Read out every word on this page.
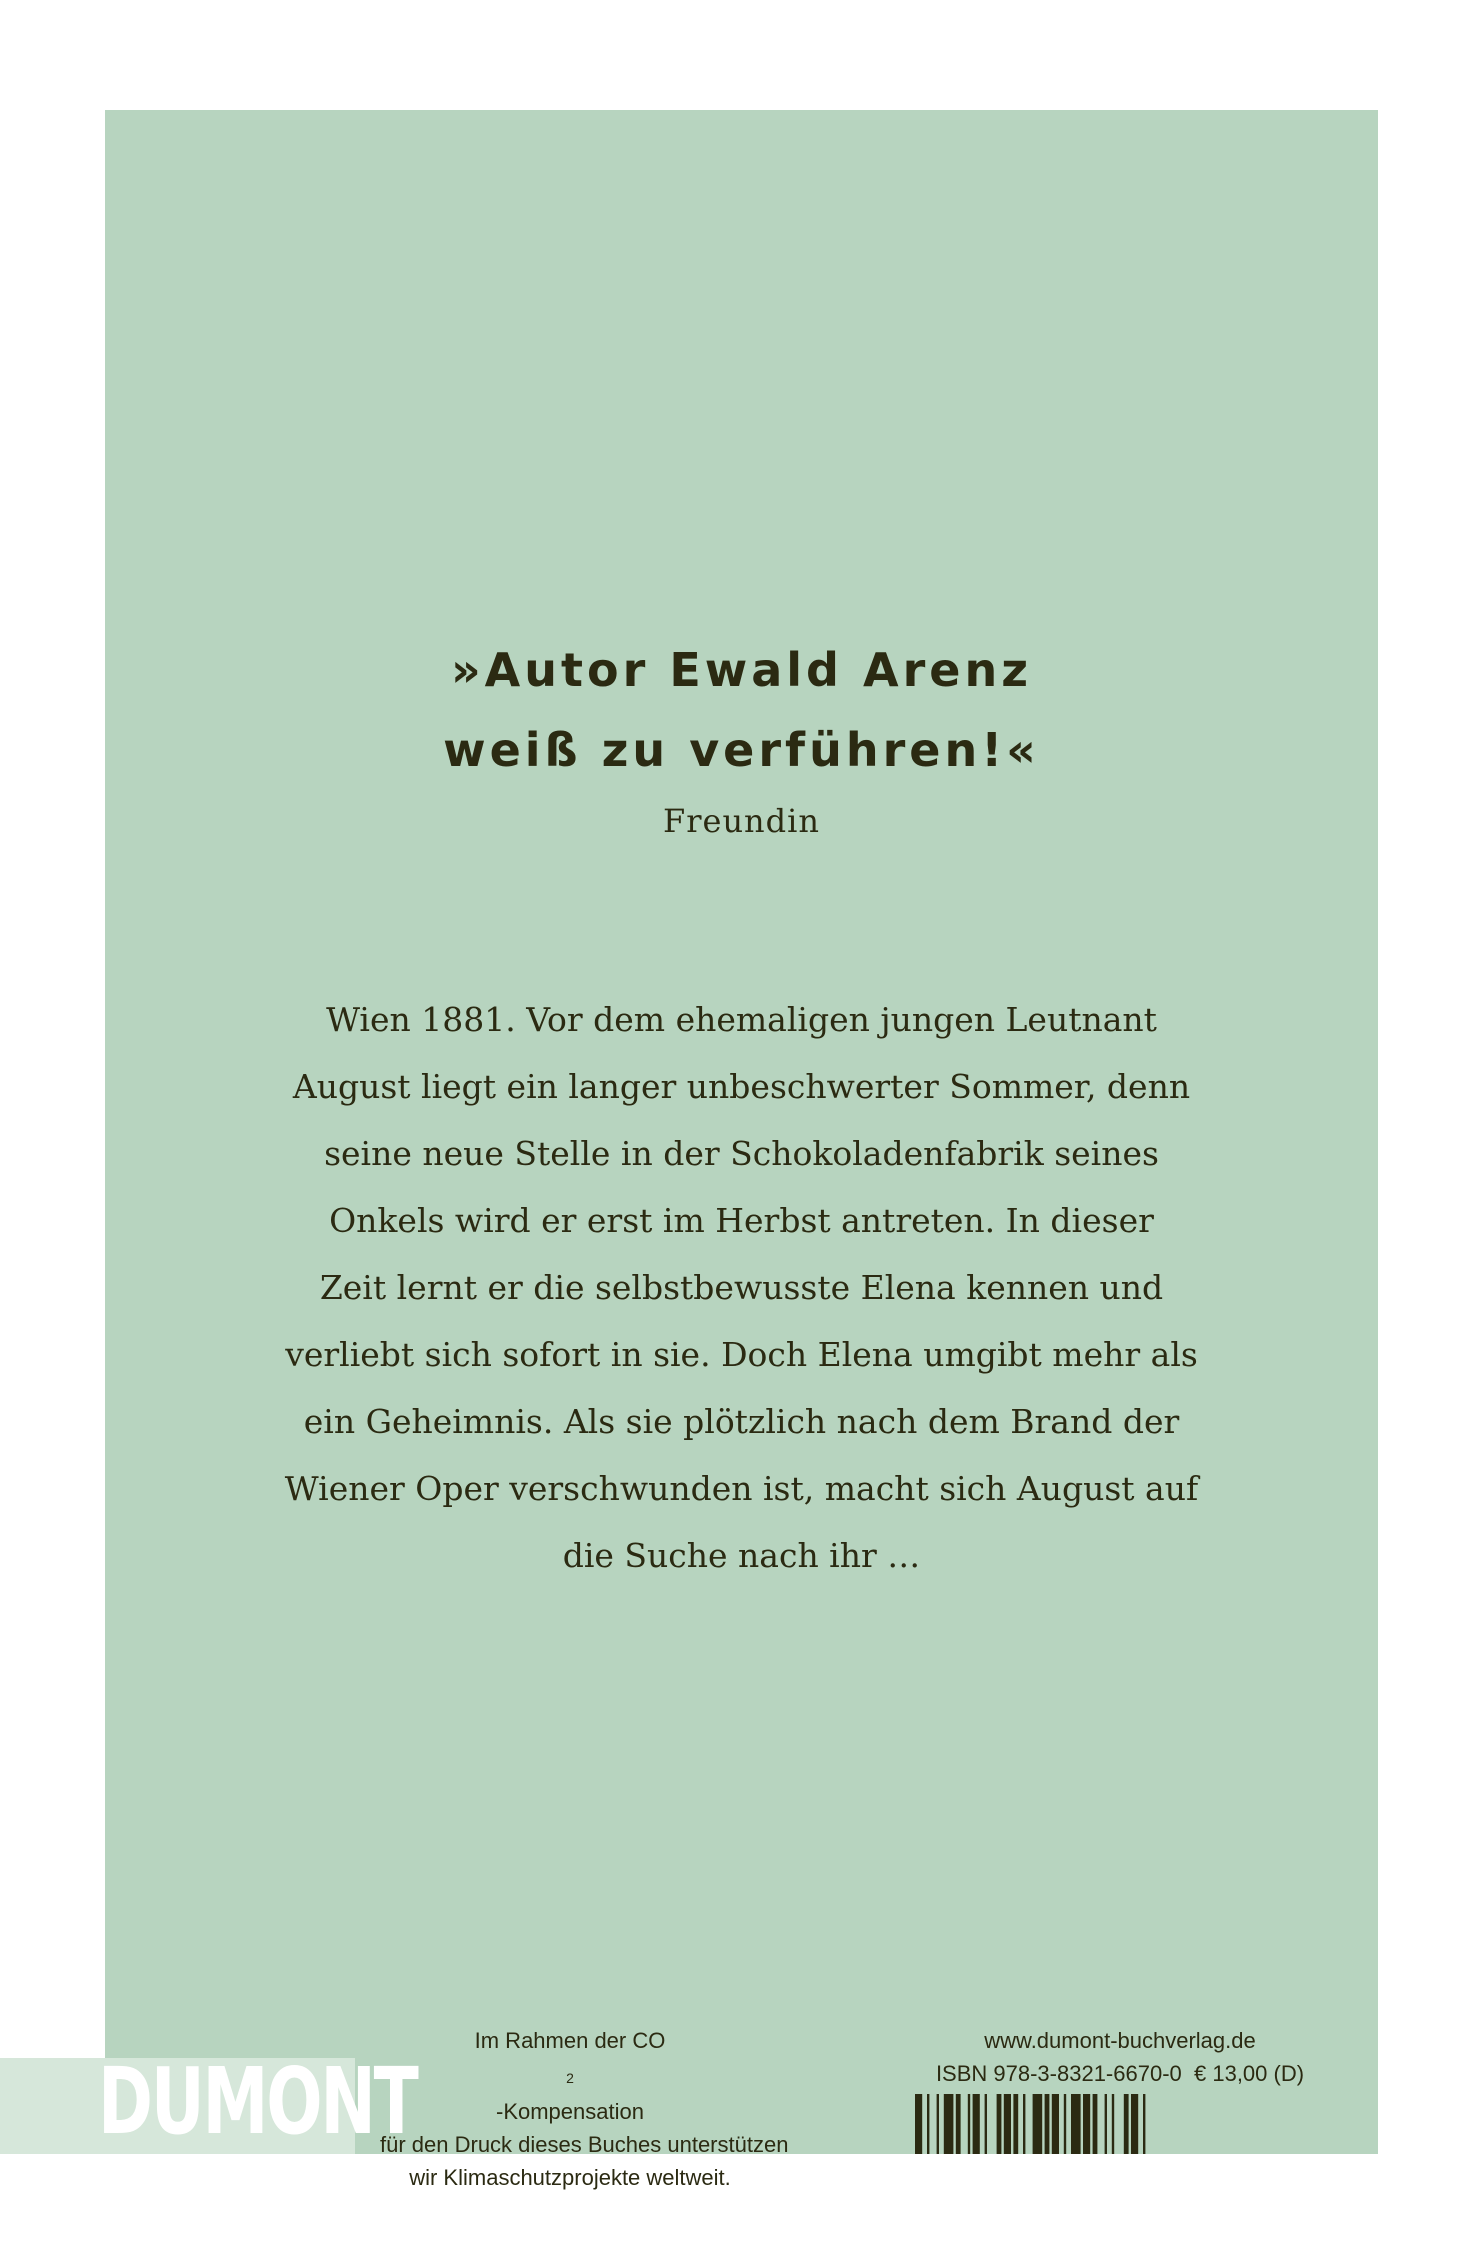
»Autor Ewald Arenz
weiß zu verführen!«
Freundin
Wien 1881. Vor dem ehemaligen jungen Leutnant
August liegt ein langer unbeschwerter Sommer, denn
seine neue Stelle in der Schokoladenfabrik seines
Onkels wird er erst im Herbst antreten. In dieser
Zeit lernt er die selbstbewusste Elena kennen und
verliebt sich sofort in sie. Doch Elena umgibt mehr als
ein Geheimnis. Als sie plötzlich nach dem Brand der
Wiener Oper verschwunden ist, macht sich August auf
die Suche nach ihr …
DUMONT
Im Rahmen der CO
$_2$
-Kompensation
für den Druck dieses Buches unterstützen
wir Klimaschutzprojekte weltweit.
www.dumont-buchverlag.de
ISBN 978-3-8321-6670-0 € 13,00 (D)
